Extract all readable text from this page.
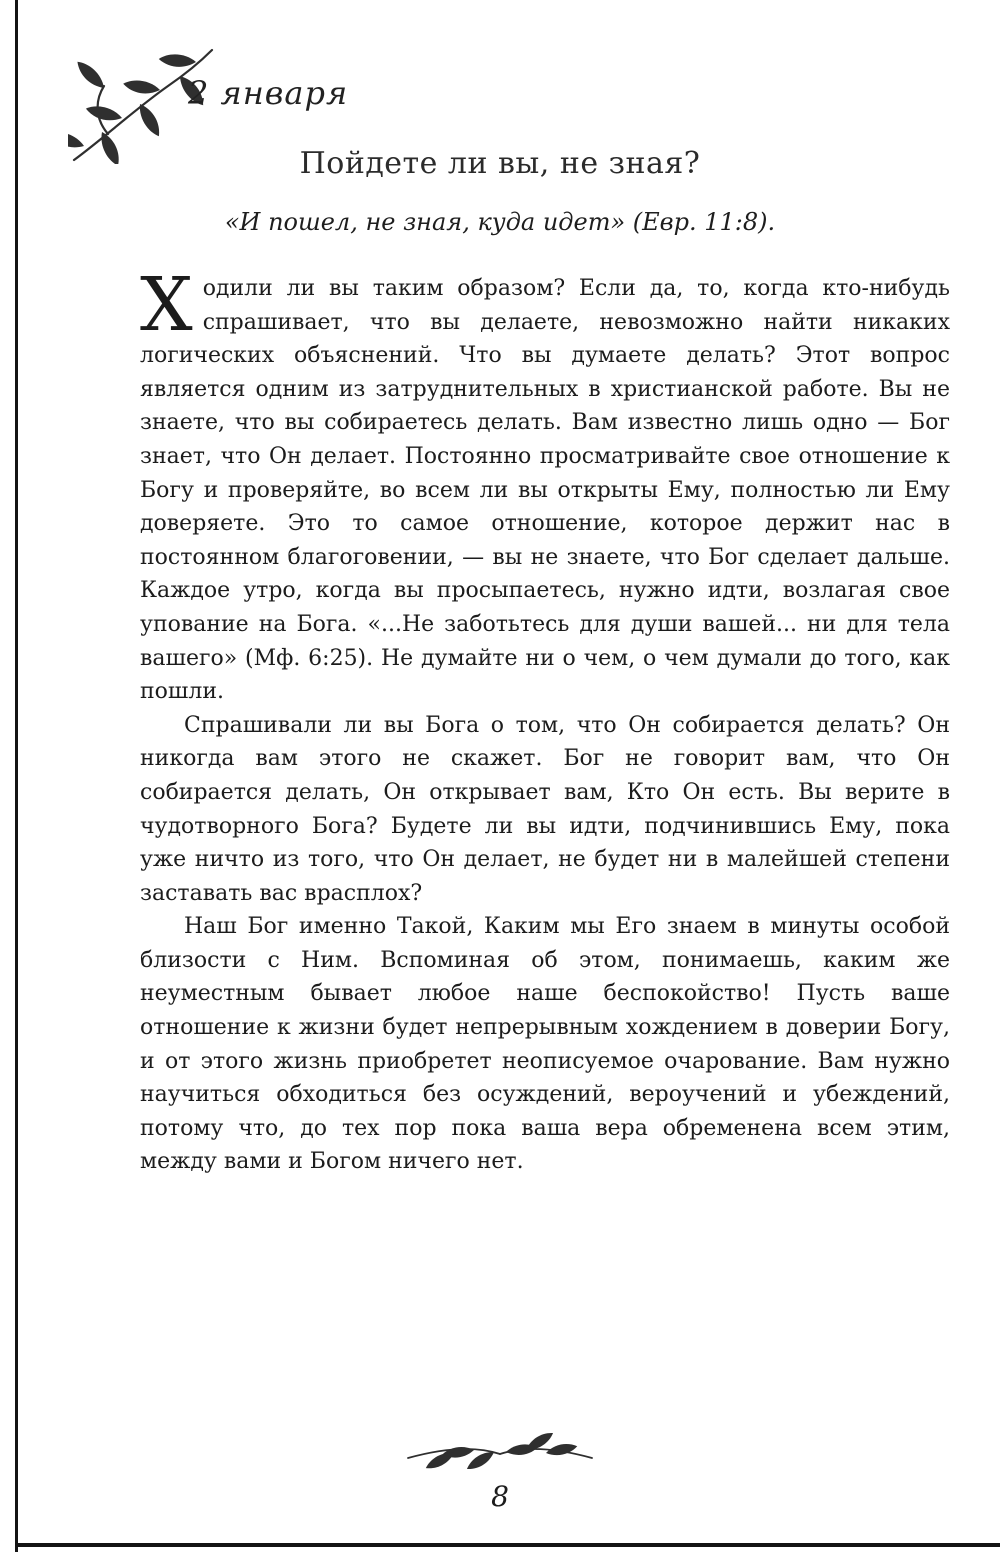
2 января
Пойдете ли вы, не зная?
«И пошел, не зная, куда идет» (Евр. 11:8).

Ходили ли вы таким образом? Если да, то, когда кто-нибудь спрашивает, что вы делаете, невозможно найти никаких логических объяснений. Что вы думаете делать? Этот вопрос является одним из затруднительных в христианской работе. Вы не знаете, что вы собираетесь делать. Вам известно лишь одно — Бог знает, что Он делает. Постоянно просматривайте свое отношение к Богу и проверяйте, во всем ли вы открыты Ему, полностью ли Ему доверяете. Это то самое отношение, которое держит нас в постоянном благоговении, — вы не знаете, что Бог сделает дальше. Каждое утро, когда вы просыпаетесь, нужно идти, возлагая свое упование на Бога. «...Не заботьтесь для души вашей... ни для тела вашего» (Мф. 6:25). Не думайте ни о чем, о чем думали до того, как пошли.

Спрашивали ли вы Бога о том, что Он собирается делать? Он никогда вам этого не скажет. Бог не говорит вам, что Он собирается делать, Он открывает вам, Кто Он есть. Вы верите в чудотворного Бога? Будете ли вы идти, подчинившись Ему, пока уже ничто из того, что Он делает, не будет ни в малейшей степени заставать вас врасплох?

Наш Бог именно Такой, Каким мы Его знаем в минуты особой близости с Ним. Вспоминая об этом, понимаешь, каким же неуместным бывает любое наше беспокойство! Пусть ваше отношение к жизни будет непрерывным хождением в доверии Богу, и от этого жизнь приобретет неописуемое очарование. Вам нужно научиться обходиться без осуждений, вероучений и убеждений, потому что, до тех пор пока ваша вера обременена всем этим, между вами и Богом ничего нет.

8
